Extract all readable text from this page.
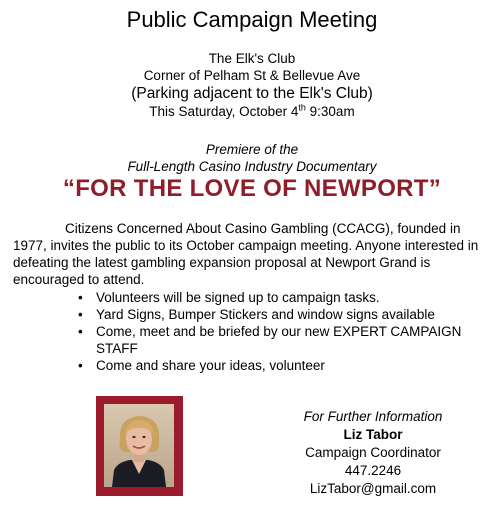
Public Campaign Meeting
The Elk's Club
Corner of Pelham St & Bellevue Ave
(Parking adjacent to the Elk's Club)
This Saturday, October 4th 9:30am
Premiere of the
Full-Length Casino Industry Documentary
“FOR THE LOVE OF NEWPORT”
Citizens Concerned About Casino Gambling (CCACG), founded in 1977, invites the public to its October campaign meeting. Anyone interested in defeating the latest gambling expansion proposal at Newport Grand is encouraged to attend.
• Volunteers will be signed up to campaign tasks.
• Yard Signs, Bumper Stickers and window signs available
• Come, meet and be briefed by our new EXPERT CAMPAIGN STAFF
• Come and share your ideas, volunteer
For Further Information
Liz Tabor
Campaign Coordinator
447.2246
LizTabor@gmail.com
